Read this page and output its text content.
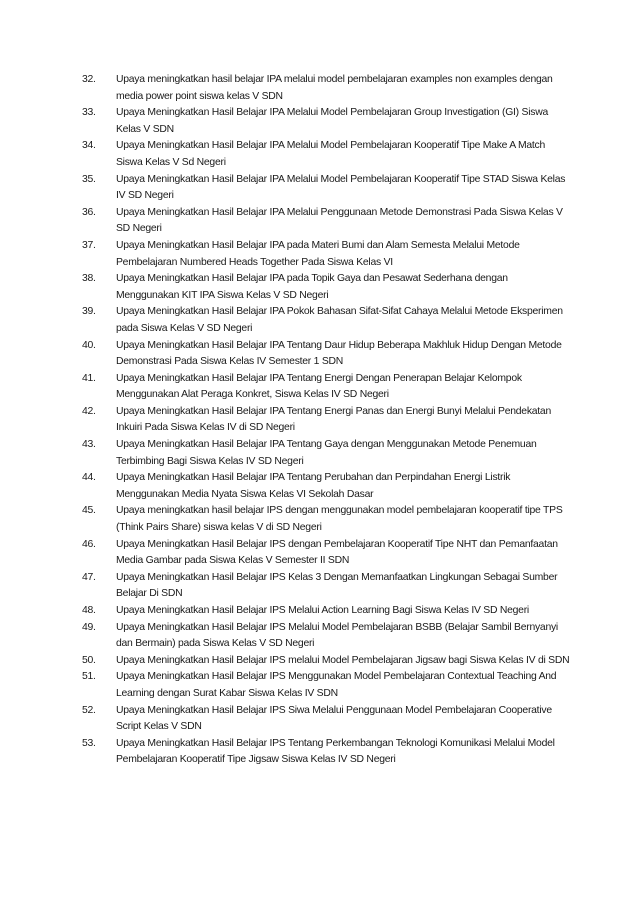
32.	Upaya meningkatkan hasil belajar IPA melalui model pembelajaran examples non examples dengan media power point siswa kelas V SDN
33.	Upaya Meningkatkan Hasil Belajar IPA Melalui Model Pembelajaran Group Investigation (GI) Siswa Kelas V SDN
34.	Upaya Meningkatkan Hasil Belajar IPA Melalui Model Pembelajaran Kooperatif Tipe Make A Match Siswa Kelas V Sd Negeri
35.	Upaya Meningkatkan Hasil Belajar IPA Melalui Model Pembelajaran Kooperatif Tipe STAD Siswa Kelas IV SD Negeri
36.	Upaya Meningkatkan Hasil Belajar IPA Melalui Penggunaan Metode Demonstrasi Pada Siswa Kelas V SD Negeri
37.	Upaya Meningkatkan Hasil Belajar IPA pada Materi Bumi dan Alam Semesta Melalui Metode Pembelajaran Numbered Heads Together Pada Siswa Kelas VI
38.	Upaya Meningkatkan Hasil Belajar IPA pada Topik Gaya dan Pesawat Sederhana dengan Menggunakan KIT IPA Siswa Kelas V SD Negeri
39.	Upaya Meningkatkan Hasil Belajar IPA Pokok Bahasan Sifat-Sifat Cahaya Melalui Metode Eksperimen pada Siswa Kelas V SD Negeri
40.	Upaya Meningkatkan Hasil Belajar IPA Tentang Daur Hidup Beberapa Makhluk Hidup Dengan Metode Demonstrasi Pada Siswa Kelas IV Semester 1 SDN
41.	Upaya Meningkatkan Hasil Belajar IPA Tentang Energi Dengan Penerapan Belajar Kelompok Menggunakan Alat Peraga Konkret, Siswa Kelas IV SD Negeri
42.	Upaya Meningkatkan Hasil Belajar IPA Tentang Energi Panas dan Energi Bunyi Melalui Pendekatan Inkuiri Pada Siswa Kelas IV di SD Negeri
43.	Upaya Meningkatkan Hasil Belajar IPA Tentang Gaya dengan Menggunakan Metode Penemuan Terbimbing Bagi Siswa Kelas IV SD Negeri
44.	Upaya Meningkatkan Hasil Belajar IPA Tentang Perubahan dan Perpindahan Energi Listrik Menggunakan Media Nyata Siswa Kelas VI Sekolah Dasar
45.	Upaya meningkatkan hasil belajar IPS dengan menggunakan model pembelajaran kooperatif tipe TPS (Think Pairs Share) siswa kelas V di SD Negeri
46.	Upaya Meningkatkan Hasil Belajar IPS dengan Pembelajaran Kooperatif Tipe NHT dan Pemanfaatan Media Gambar pada Siswa Kelas V Semester II SDN
47.	Upaya Meningkatkan Hasil Belajar IPS Kelas 3 Dengan Memanfaatkan Lingkungan Sebagai Sumber Belajar Di SDN
48.	Upaya Meningkatkan Hasil Belajar IPS Melalui Action Learning Bagi Siswa Kelas IV SD Negeri
49.	Upaya Meningkatkan Hasil Belajar IPS Melalui Model Pembelajaran BSBB (Belajar Sambil Bernyanyi dan Bermain) pada Siswa Kelas V SD Negeri
50.	Upaya Meningkatkan Hasil Belajar IPS melalui Model Pembelajaran Jigsaw bagi Siswa Kelas IV di SDN
51.	Upaya Meningkatkan Hasil Belajar IPS Menggunakan Model Pembelajaran Contextual Teaching And Learning dengan Surat Kabar Siswa Kelas IV SDN
52.	Upaya Meningkatkan Hasil Belajar IPS Siwa Melalui Penggunaan Model Pembelajaran Cooperative Script Kelas V SDN
53.	Upaya Meningkatkan Hasil Belajar IPS Tentang Perkembangan Teknologi Komunikasi Melalui Model Pembelajaran Kooperatif Tipe Jigsaw Siswa Kelas IV SD Negeri
